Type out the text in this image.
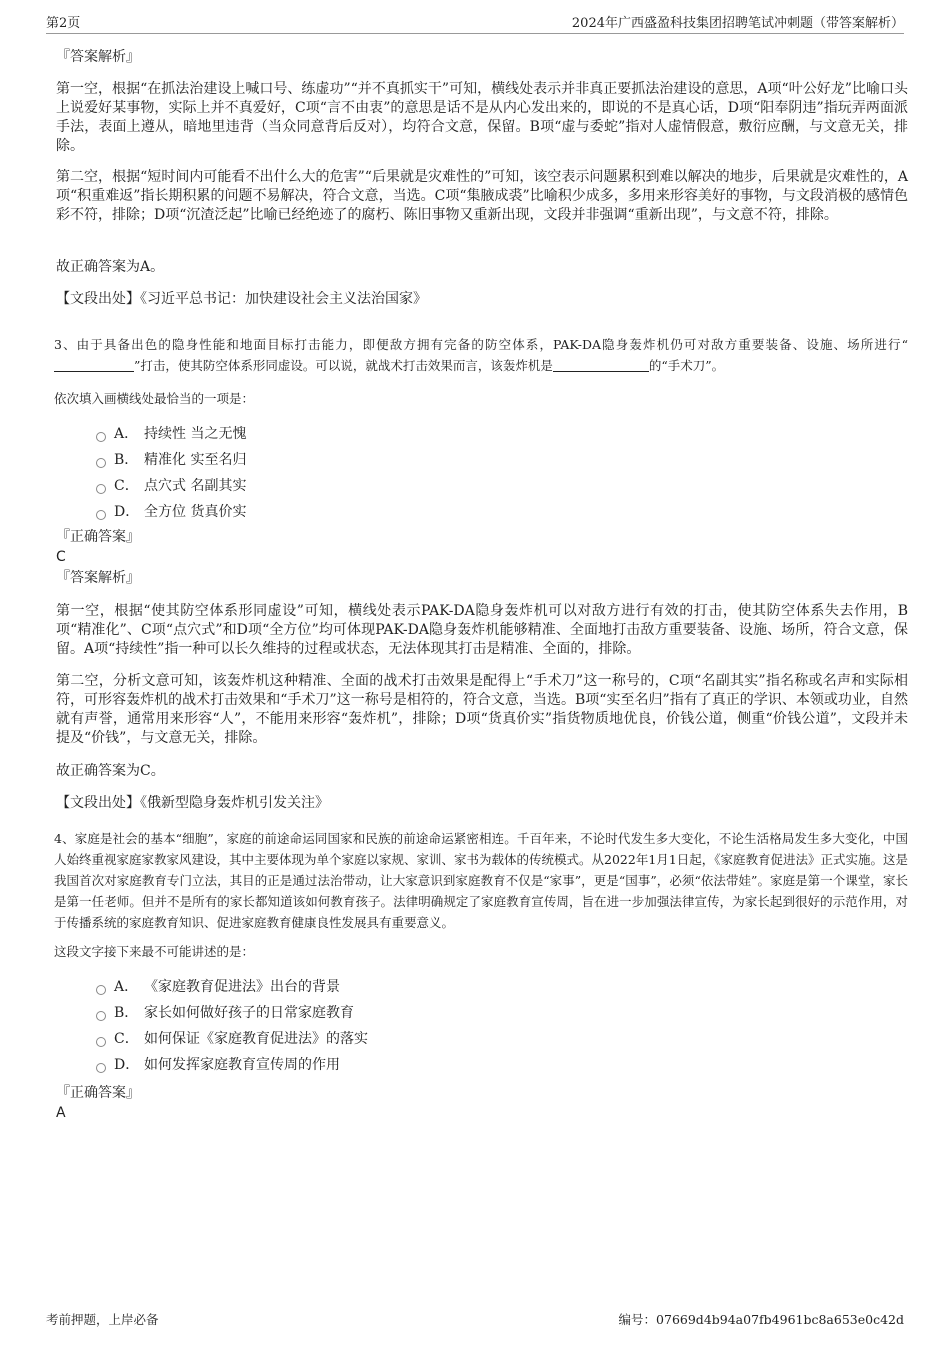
第2页	2024年广西盛盈科技集团招聘笔试冲刺题（带答案解析）
『答案解析』
第一空，根据“在抓法治建设上喊口号、练虚功”“并不真抓实干”可知，横线处表示并非真正要抓法治建设的意思，A项“叶公好龙”比喻口头上说爱好某事物，实际上并不真爱好，C项“言不由衷”的意思是话不是从内心发出来的，即说的不是真心话，D项“阳奉阴违”指玩弄两面派手法，表面上遵从，暗地里违背（当众同意背后反对），均符合文意，保留。B项“虚与委蛇”指对人虚情假意，敷衍应酬，与文意无关，排除。
第二空，根据“短时间内可能看不出什么大的危害”“后果就是灾难性的”可知，该空表示问题累积到难以解决的地步，后果就是灾难性的，A项“积重难返”指长期积累的问题不易解决，符合文意，当选。C项“集腋成裘”比喻积少成多，多用来形容美好的事物，与文段消极的感情色彩不符，排除；D项“沉渣泛起”比喻已经绝迹了的腐朽、陈旧事物又重新出现，文段并非强调“重新出现”，与文意不符，排除。
故正确答案为A。
【文段出处】《习近平总书记：加快建设社会主义法治国家》
3、由于具备出色的隐身性能和地面目标打击能力，即便敌方拥有完备的防空体系，PAK-DA隐身轰炸机仍可对敌方重要装备、设施、场所进行“”打击，使其防空体系形同虚设。可以说，就战术打击效果而言，该轰炸机是	的“手术刀”。
依次填入画横线处最恰当的一项是：
A． 持续性 当之无愧
B． 精准化 实至名归
C． 点穴式 名副其实
D． 全方位 货真价实
『正确答案』
C
『答案解析』
第一空，根据“使其防空体系形同虚设”可知，横线处表示PAK-DA隐身轰炸机可以对敌方进行有效的打击，使其防空体系失去作用，B项“精准化”、C项“点穴式”和D项“全方位”均可体现PAK-DA隐身轰炸机能够精准、全面地打击敌方重要装备、设施、场所，符合文意，保留。A项“持续性”指一种可以长久维持的过程或状态，无法体现其打击是精准、全面的，排除。
第二空，分析文意可知，该轰炸机这种精准、全面的战术打击效果是配得上“手术刀”这一称号的，C项“名副其实”指名称或名声和实际相符，可形容轰炸机的战术打击效果和“手术刀”这一称号是相符的，符合文意，当选。B项“实至名归”指有了真正的学识、本领或功业，自然就有声誉，通常用来形容“人”，不能用来形容“轰炸机”，排除；D项“货真价实”指货物质地优良，价钱公道，侧重“价钱公道”，文段并未提及“价钱”，与文意无关，排除。
故正确答案为C。
【文段出处】《俄新型隐身轰炸机引发关注》
4、家庭是社会的基本“细胞”，家庭的前途命运同国家和民族的前途命运紧密相连。千百年来，不论时代发生多大变化，不论生活格局发生多大变化，中国人始终重视家庭家教家风建设，其中主要体现为单个家庭以家规、家训、家书为载体的传统模式。从2022年1月1日起，《家庭教育促进法》正式实施。这是我国首次对家庭教育专门立法，其目的正是通过法治带动，让大家意识到家庭教育不仅是“家事”，更是“国事”，必须“依法带娃”。家庭是第一个课堂，家长是第一任老师。但并不是所有的家长都知道该如何教育孩子。法律明确规定了家庭教育宣传周，旨在进一步加强法律宣传，为家长起到很好的示范作用，对于传播系统的家庭教育知识、促进家庭教育健康良性发展具有重要意义。
这段文字接下来最不可能讲述的是：
A． 《家庭教育促进法》出台的背景
B． 家长如何做好孩子的日常家庭教育
C． 如何保证《家庭教育促进法》的落实
D． 如何发挥家庭教育宣传周的作用
『正确答案』
A
考前押题，上岸必备	编号：07669d4b94a07fb4961bc8a653e0c42d
